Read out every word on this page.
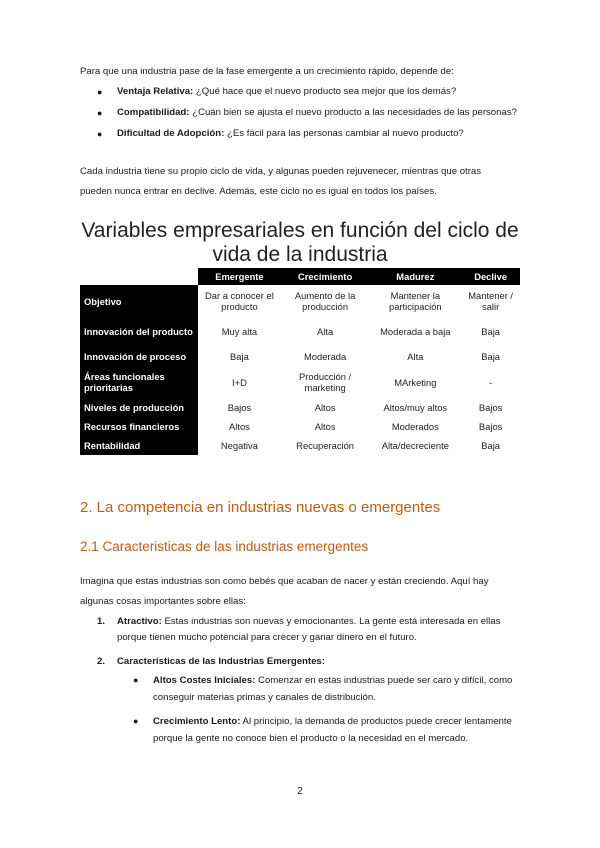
Para que una industria pase de la fase emergente a un crecimiento rápido, depende de:

●	Ventaja Relativa: ¿Qué hace que el nuevo producto sea mejor que los demás?
●	Compatibilidad: ¿Cuán bien se ajusta el nuevo producto a las necesidades de las personas?
●	Dificultad de Adopción: ¿Es fácil para las personas cambiar al nuevo producto?

Cada industria tiene su propio ciclo de vida, y algunas pueden rejuvenecer, mientras que otras

pueden nunca entrar en declive. Además, este ciclo no es igual en todos los países.

Variables empresariales en función del ciclo de
vida de la industria
	Emergente	Crecimiento	Madurez	Declive
Objetivo	Dar a conocer el producto	Aumento de la producción	Mantener la participación	Mantener / salir
Innovación del producto	Muy alta	Alta	Moderada a baja	Baja
Innovación de proceso	Baja	Moderada	Alta	Baja
Áreas funcionales prioritarias	I+D	Producción / marketing	MArketing	-
Niveles de producción	Bajos	Altos	Altos/muy altos	Bajos
Recursos financieros	Altos	Altos	Moderados	Bajos
Rentabilidad	Negativa	Recuperación	Alta/decreciente	Baja
2. La competencia en industrias nuevas o emergentes
2.1 Caracteristicas de las industrias emergentes

Imagina que estas industrias son como bebés que acaban de nacer y están creciendo. Aquí hay

algunas cosas importantes sobre ellas:

1.	Atractivo: Estas industrias son nuevas y emocionantes. La gente está interesada en ellas
porque tienen mucho potencial para crecer y ganar dinero en el futuro.
2.	Características de las Industrias Emergentes:
●	Altos Costes Iniciales: Comenzar en estas industrias puede ser caro y difícil, como
conseguir materias primas y canales de distribución.
●	Crecimiento Lento: Al principio, la demanda de productos puede crecer lentamente
porque la gente no conoce bien el producto o la necesidad en el mercado.
2
